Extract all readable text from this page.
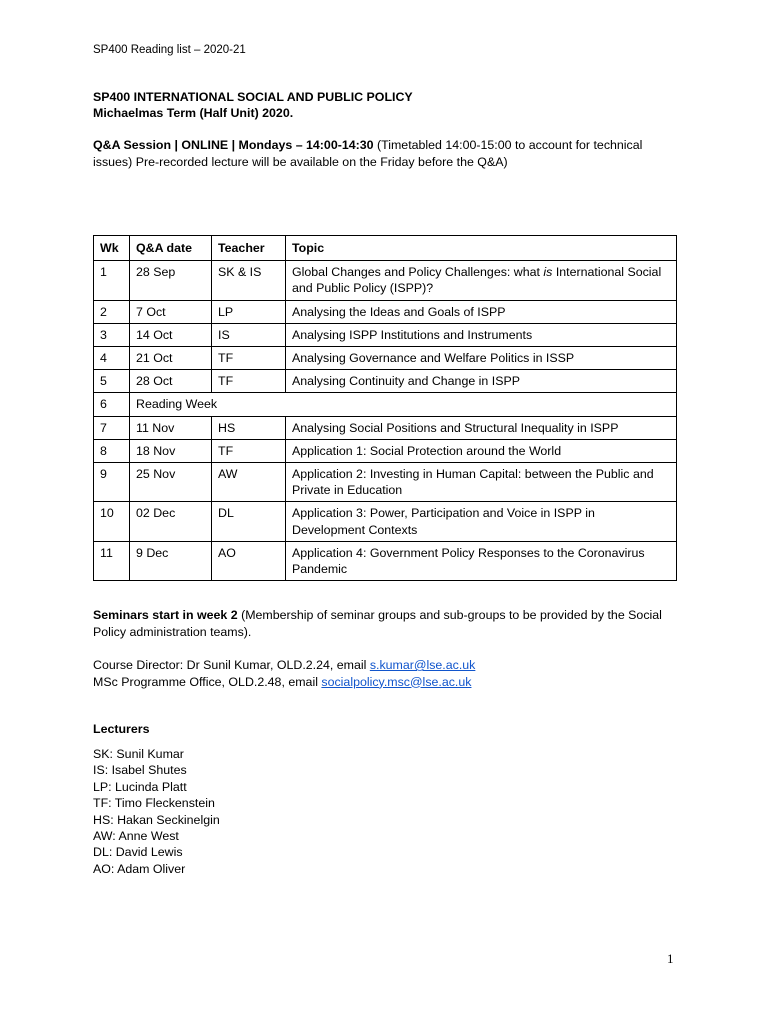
SP400 Reading list – 2020-21
SP400 INTERNATIONAL SOCIAL AND PUBLIC POLICY
Michaelmas Term (Half Unit) 2020.
Q&A Session | ONLINE | Mondays – 14:00-14:30 (Timetabled 14:00-15:00 to account for technical issues) Pre-recorded lecture will be available on the Friday before the Q&A)
Wk	Q&A date	Teacher	Topic
1	28 Sep	SK & IS	Global Changes and Policy Challenges: what is International Social and Public Policy (ISPP)?
2	7 Oct	LP	Analysing the Ideas and Goals of ISPP
3	14 Oct	IS	Analysing ISPP Institutions and Instruments
4	21 Oct	TF	Analysing Governance and Welfare Politics in ISSP
5	28 Oct	TF	Analysing Continuity and Change in ISPP
6	Reading Week		
7	11 Nov	HS	Analysing Social Positions and Structural Inequality in ISPP
8	18 Nov	TF	Application 1: Social Protection around the World
9	25 Nov	AW	Application 2: Investing in Human Capital: between the Public and Private in Education
10	02 Dec	DL	Application 3: Power, Participation and Voice in ISPP in Development Contexts
11	9 Dec	AO	Application 4: Government Policy Responses to the Coronavirus Pandemic
Seminars start in week 2 (Membership of seminar groups and sub-groups to be provided by the Social Policy administration teams).
Course Director: Dr Sunil Kumar, OLD.2.24, email s.kumar@lse.ac.uk
MSc Programme Office, OLD.2.48, email socialpolicy.msc@lse.ac.uk
Lecturers
SK: Sunil Kumar
IS: Isabel Shutes
LP: Lucinda Platt
TF: Timo Fleckenstein
HS: Hakan Seckinelgin
AW: Anne West
DL: David Lewis
AO: Adam Oliver
1
